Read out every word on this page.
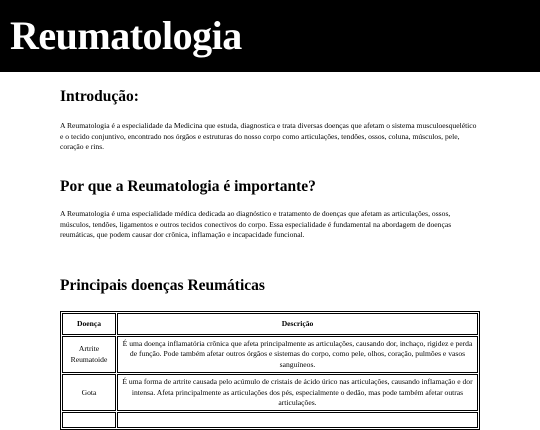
Reumatologia
Introdução:

A Reumatologia é a especialidade da Medicina que estuda, diagnostica e trata diversas doenças que afetam o sistema musculoesquelético e o tecido conjuntivo, encontrado nos órgãos e estruturas do nosso corpo como articulações, tendões, ossos, coluna, músculos, pele, coração e rins.

Por que a Reumatologia é importante?

A Reumatologia é uma especialidade médica dedicada ao diagnóstico e tratamento de doenças que afetam as articulações, ossos, músculos, tendões, ligamentos e outros tecidos conectivos do corpo. Essa especialidade é fundamental na abordagem de doenças reumáticas, que podem causar dor crônica, inflamação e incapacidade funcional.

Principais doenças Reumáticas
Doença	Descrição
Artrite Reumatoide	É uma doença inflamatória crônica que afeta principalmente as articulações, causando dor, inchaço, rigidez e perda de função. Pode também afetar outros órgãos e sistemas do corpo, como pele, olhos, coração, pulmões e vasos sanguíneos.
Gota	É uma forma de artrite causada pelo acúmulo de cristais de ácido úrico nas articulações, causando inflamação e dor intensa. Afeta principalmente as articulações dos pés, especialmente o dedão, mas pode também afetar outras articulações.
